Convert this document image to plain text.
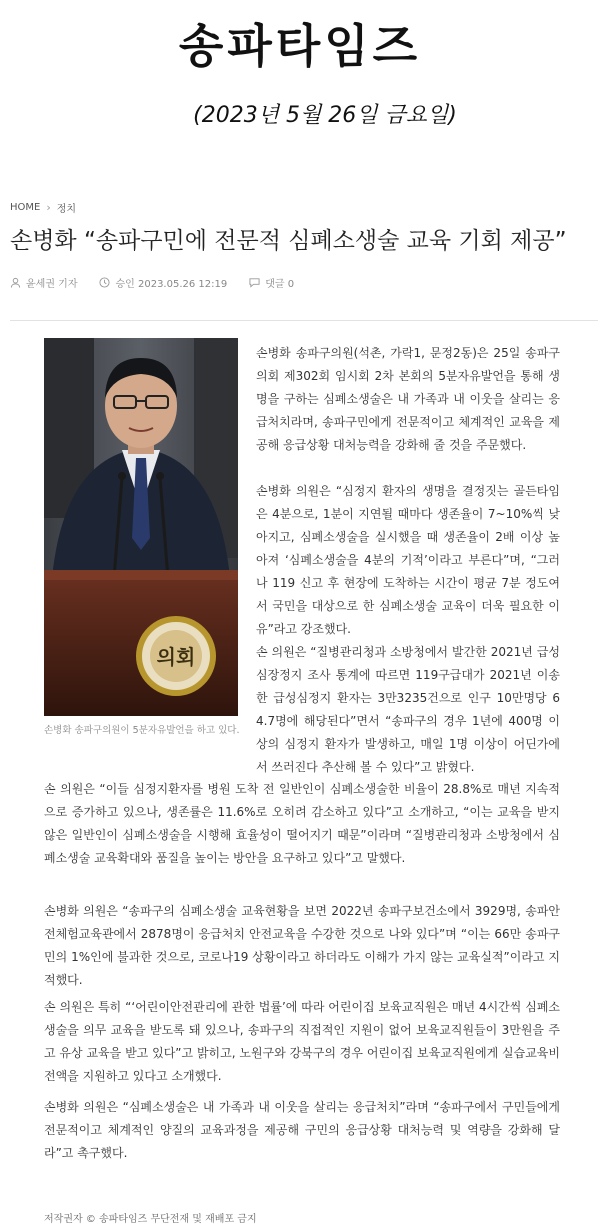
송파타임즈
(2023년 5월 26일 금요일)
HOME › 정치
손병화 “송파구민에 전문적 심폐소생술 교육 기회 제공”
윤세권 기자	승인 2023.05.26 12:19	댓글 0
의회
손병화 송파구의원이 5분자유발언을 하고 있다.

손병화 송파구의원(석촌, 가락1, 문정2동)은 25일 송파구의회 제302회 임시회 2차 본회의 5분자유발언을 통해 생명을 구하는 심폐소생술은 내 가족과 내 이웃을 살리는 응급처치라며, 송파구민에게 전문적이고 체계적인 교육을 제공해 응급상황 대처능력을 강화해 줄 것을 주문했다.

손병화 의원은 “심정지 환자의 생명을 결정짓는 골든타임은 4분으로, 1분이 지연될 때마다 생존율이 7~10%씩 낮아지고, 심폐소생술을 실시했을 때 생존율이 2배 이상 높아져 ‘심폐소생술을 4분의 기적’이라고 부른다”며, “그러나 119 신고 후 현장에 도착하는 시간이 평균 7분 정도여서 국민을 대상으로 한 심폐소생술 교육이 더욱 필요한 이유”라고 강조했다.

손 의원은 “질병관리청과 소방청에서 발간한 2021년 급성심장정지 조사 통계에 따르면 119구급대가 2021년 이송한 급성심정지 환자는 3만3235건으로 인구 10만명당 64.7명에 해당된다”면서 “송파구의 경우 1년에 400명 이상의 심정지 환자가 발생하고, 매일 1명 이상이 어딘가에서 쓰러진다 추산해 볼 수 있다”고 밝혔다.

손 의원은 “이들 심정지환자를 병원 도착 전 일반인이 심폐소생술한 비율이 28.8%로 매년 지속적으로 증가하고 있으나, 생존률은 11.6%로 오히려 감소하고 있다”고 소개하고, “이는 교육을 받지 않은 일반인이 심폐소생술을 시행해 효율성이 떨어지기 때문”이라며 “질병관리청과 소방청에서 심폐소생술 교육확대와 품질을 높이는 방안을 요구하고 있다”고 말했다.

손병화 의원은 “송파구의 심폐소생술 교육현황을 보면 2022년 송파구보건소에서 3929명, 송파안전체험교육관에서 2878명이 응급처치 안전교육을 수강한 것으로 나와 있다”며 “이는 66만 송파구민의 1%인에 불과한 것으로, 코로나19 상황이라고 하더라도 이해가 가지 않는 교육실적”이라고 지적했다.

손 의원은 특히 “‘어린이안전관리에 관한 법률’에 따라 어린이집 보육교직원은 매년 4시간씩 심폐소생술을 의무 교육을 받도록 돼 있으나, 송파구의 직접적인 지원이 없어 보육교직원들이 3만원을 주고 유상 교육을 받고 있다”고 밝히고, 노원구와 강북구의 경우 어린이집 보육교직원에게 실습교육비 전액을 지원하고 있다고 소개했다.

손병화 의원은 “심폐소생술은 내 가족과 내 이웃을 살리는 응급처치”라며 “송파구에서 구민들에게 전문적이고 체계적인 양질의 교육과정을 제공해 구민의 응급상황 대처능력 및 역량을 강화해 달라”고 촉구했다.

저작권자 © 송파타임즈 무단전재 및 재배포 금지
